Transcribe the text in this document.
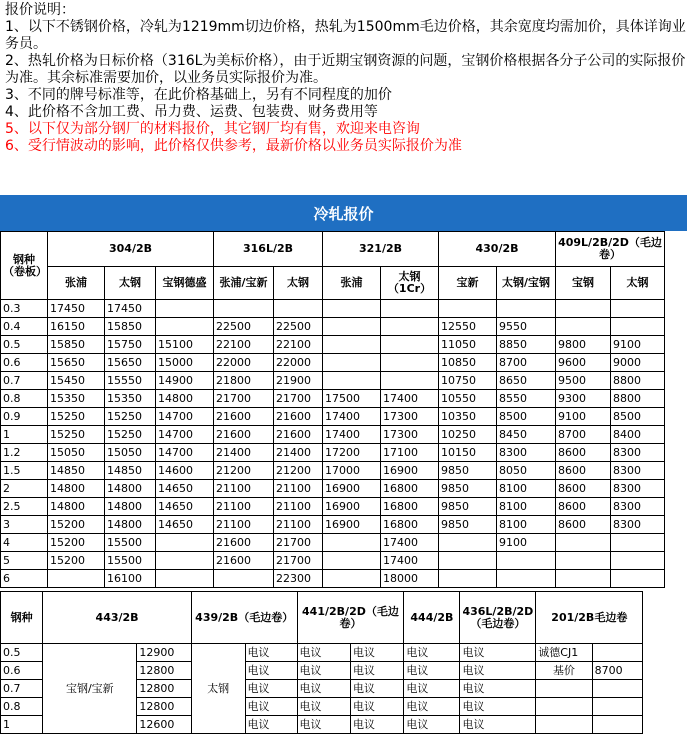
报价说明：

1、以下不锈钢价格，冷轧为1219mm切边价格，热轧为1500mm毛边价格，其余宽度均需加价，具体详询业务员。

2、热轧价格为日标价格（316L为美标价格），由于近期宝钢资源的问题，宝钢价格根据各分子公司的实际报价为准。其余标准需要加价，以业务员实际报价为准。

3、不同的牌号标准等，在此价格基础上，另有不同程度的加价

4、此价格不含加工费、吊力费、运费、包装费、财务费用等

5、以下仅为部分钢厂的材料报价，其它钢厂均有售，欢迎来电咨询

6、受行情波动的影响，此价格仅供参考，最新价格以业务员实际报价为准

冷轧报价
钢种（卷板）	304/2B			316L/2B		321/2B		430/2B		409L/2B/2D（毛边卷）	
	张浦	太钢	宝钢德盛	张浦/宝新	太钢	张浦	太钢（1Cr）	宝新	太钢/宝钢	宝钢	太钢
0.3	17450	17450									
0.4	16150	15850		22500	22500			12550	9550		
0.5	15850	15750	15100	22100	22100			11050	8850	9800	9100
0.6	15650	15650	15000	22000	22000			10850	8700	9600	9000
0.7	15450	15550	14900	21800	21900			10750	8650	9500	8800
0.8	15350	15350	14800	21700	21700	17500	17400	10550	8550	9300	8800
0.9	15250	15250	14700	21600	21600	17400	17300	10350	8500	9100	8500
1	15250	15250	14700	21600	21600	17400	17300	10250	8450	8700	8400
1.2	15050	15050	14700	21400	21400	17200	17100	10150	8300	8600	8300
1.5	14850	14850	14600	21200	21200	17000	16900	9850	8050	8600	8300
2	14800	14800	14650	21100	21100	16900	16800	9850	8100	8600	8300
2.5	14800	14800	14650	21100	21100	16900	16800	9850	8100	8600	8300
3	15200	14800	14650	21100	21100	16900	16800	9850	8100	8600	8300
4	15200	15500		21600	21700		17400		9100		
5	15200	15500		21600	21700		17400				
6		16100			22300		18000				
钢种	443/2B		439/2B（毛边卷）		441/2B/2D（毛边卷）		444/2B	436L/2B/2D（毛边卷）	201/2B毛边卷	
0.5	宝钢/宝新	12900	太钢	电议	电议	电议	电议	电议	诚德CJ1	
0.6		12800		电议	电议	电议	电议	电议	基价	8700
0.7		12800		电议	电议	电议	电议	电议		
0.8		12800		电议	电议	电议	电议	电议		
1		12600		电议	电议	电议	电议	电议		
